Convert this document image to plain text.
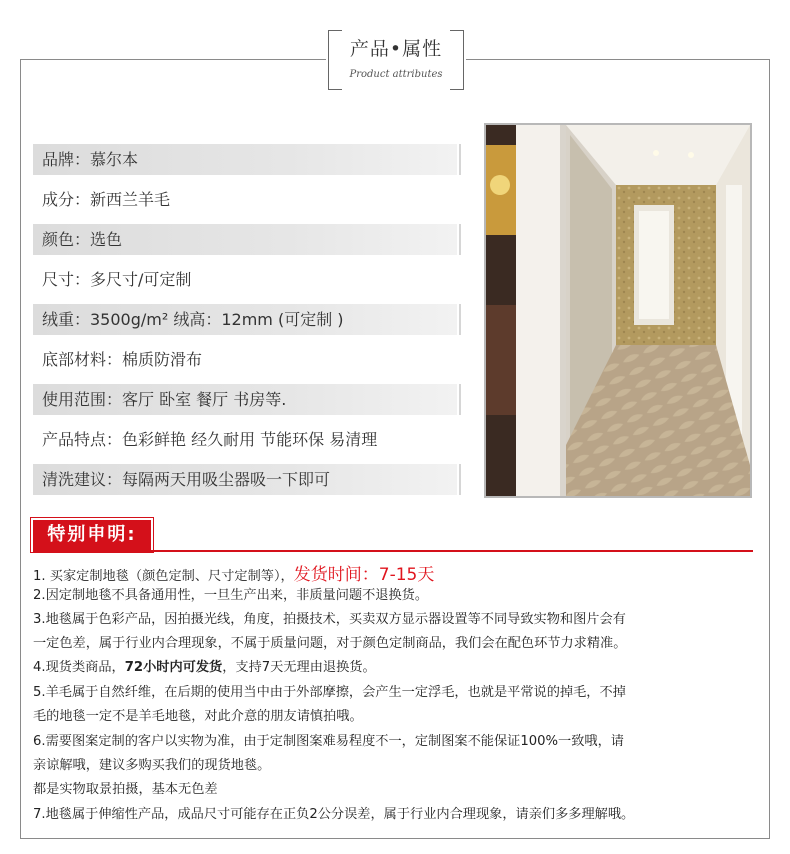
产品•属性
Product attributes
品牌：慕尔本
成分：新西兰羊毛
颜色：选色
尺寸：多尺寸/可定制
绒重：3500g/m² 绒高：12mm (可定制 )
底部材料：棉质防滑布
使用范围：客厅 卧室 餐厅 书房等.
产品特点：色彩鲜艳 经久耐用 节能环保 易清理
清洗建议：每隔两天用吸尘器吸一下即可
特别申明:
1. 买家定制地毯（颜色定制、尺寸定制等），发货时间：7-15天
2.因定制地毯不具备通用性，一旦生产出来，非质量问题不退换货。
3.地毯属于色彩产品，因拍摄光线，角度，拍摄技术，买卖双方显示器设置等不同导致实物和图片会有
一定色差，属于行业内合理现象，不属于质量问题，对于颜色定制商品，我们会在配色环节力求精准。
4.现货类商品，72小时内可发货，支持7天无理由退换货。
5.羊毛属于自然纤维，在后期的使用当中由于外部摩擦，会产生一定浮毛，也就是平常说的掉毛，不掉
毛的地毯一定不是羊毛地毯，对此介意的朋友请慎拍哦。
6.需要图案定制的客户以实物为准，由于定制图案难易程度不一，定制图案不能保证100%一致哦，请
亲谅解哦，建议多购买我们的现货地毯。
都是实物取景拍摄，基本无色差
7.地毯属于伸缩性产品，成品尺寸可能存在正负2公分误差，属于行业内合理现象，请亲们多多理解哦。
